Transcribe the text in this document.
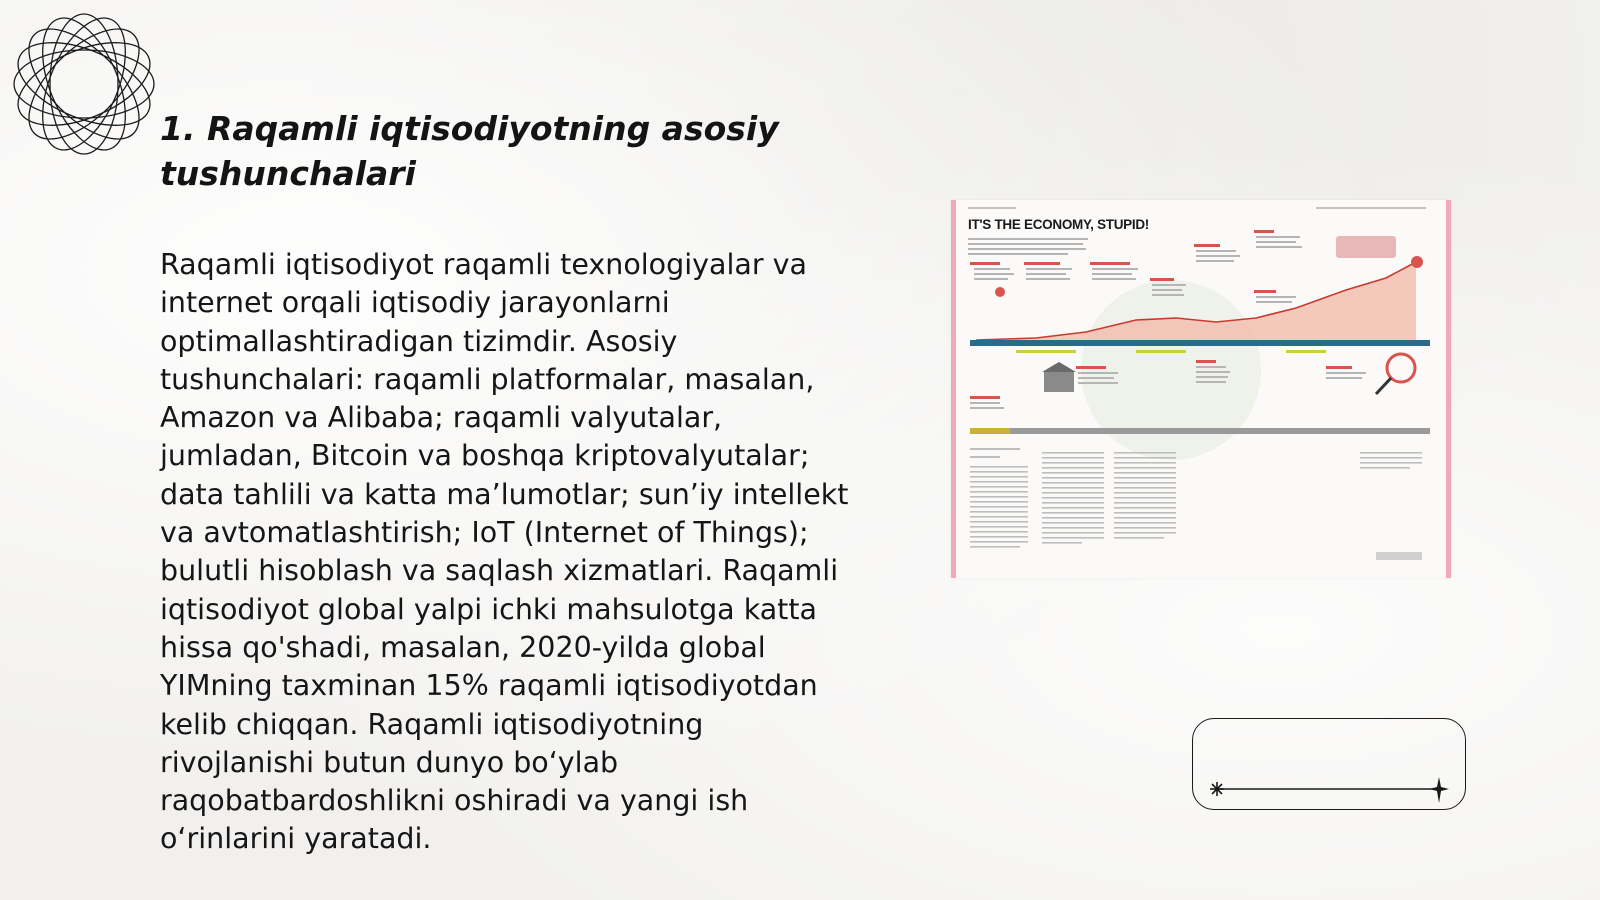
1. Raqamli iqtisodiyotning asosiy tushunchalari

Raqamli iqtisodiyot raqamli texnologiyalar va internet orqali iqtisodiy jarayonlarni optimallashtiradigan tizimdir. Asosiy tushunchalari: raqamli platformalar, masalan, Amazon va Alibaba; raqamli valyutalar, jumladan, Bitcoin va boshqa kriptovalyutalar; data tahlili va katta ma’lumotlar; sun’iy intellekt va avtomatlashtirish; IoT (Internet of Things); bulutli hisoblash va saqlash xizmatlari. Raqamli iqtisodiyot global yalpi ichki mahsulotga katta hissa qo'shadi, masalan, 2020-yilda global YIMning taxminan 15% raqamli iqtisodiyotdan kelib chiqqan. Raqamli iqtisodiyotning rivojlanishi butun dunyo bo‘ylab raqobatbardoshlikni oshiradi va yangi ish o‘rinlarini yaratadi.

IT'S THE ECONOMY, STUPID!
